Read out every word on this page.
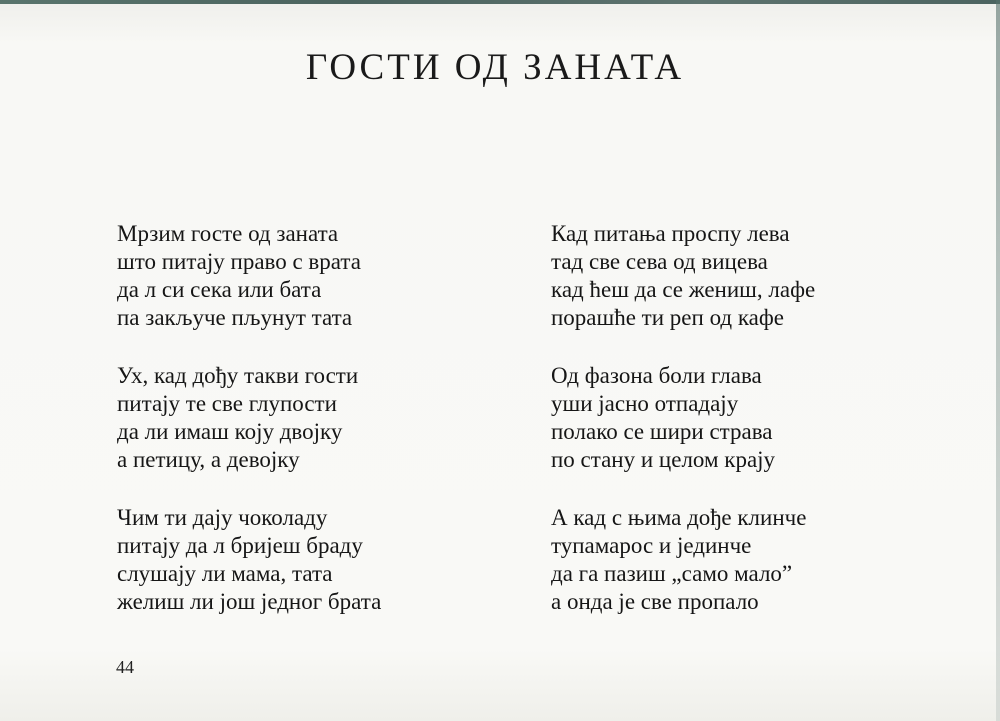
ГОСТИ ОД ЗАНАТА
Мрзим госте од заната
што питају право с врата
да л си сека или бата
па закључе пљунут тата
Ух, кад дођу такви гости
питају те све глупости
да ли имаш коју двојку
а петицу, а девојку
Чим ти дају чоколаду
питају да л бријеш браду
слушају ли мама, тата
желиш ли још једног брата
Кад питања проспу лева
тад све сева од вицева
кад ћеш да се жениш, лафе
порашће ти реп од кафе
Од фазона боли глава
уши јасно отпадају
полако се шири страва
по стану и целом крају
А кад с њима дође клинче
тупамарос и јединче
да га пазиш „само мало”
а онда је све пропало
44
